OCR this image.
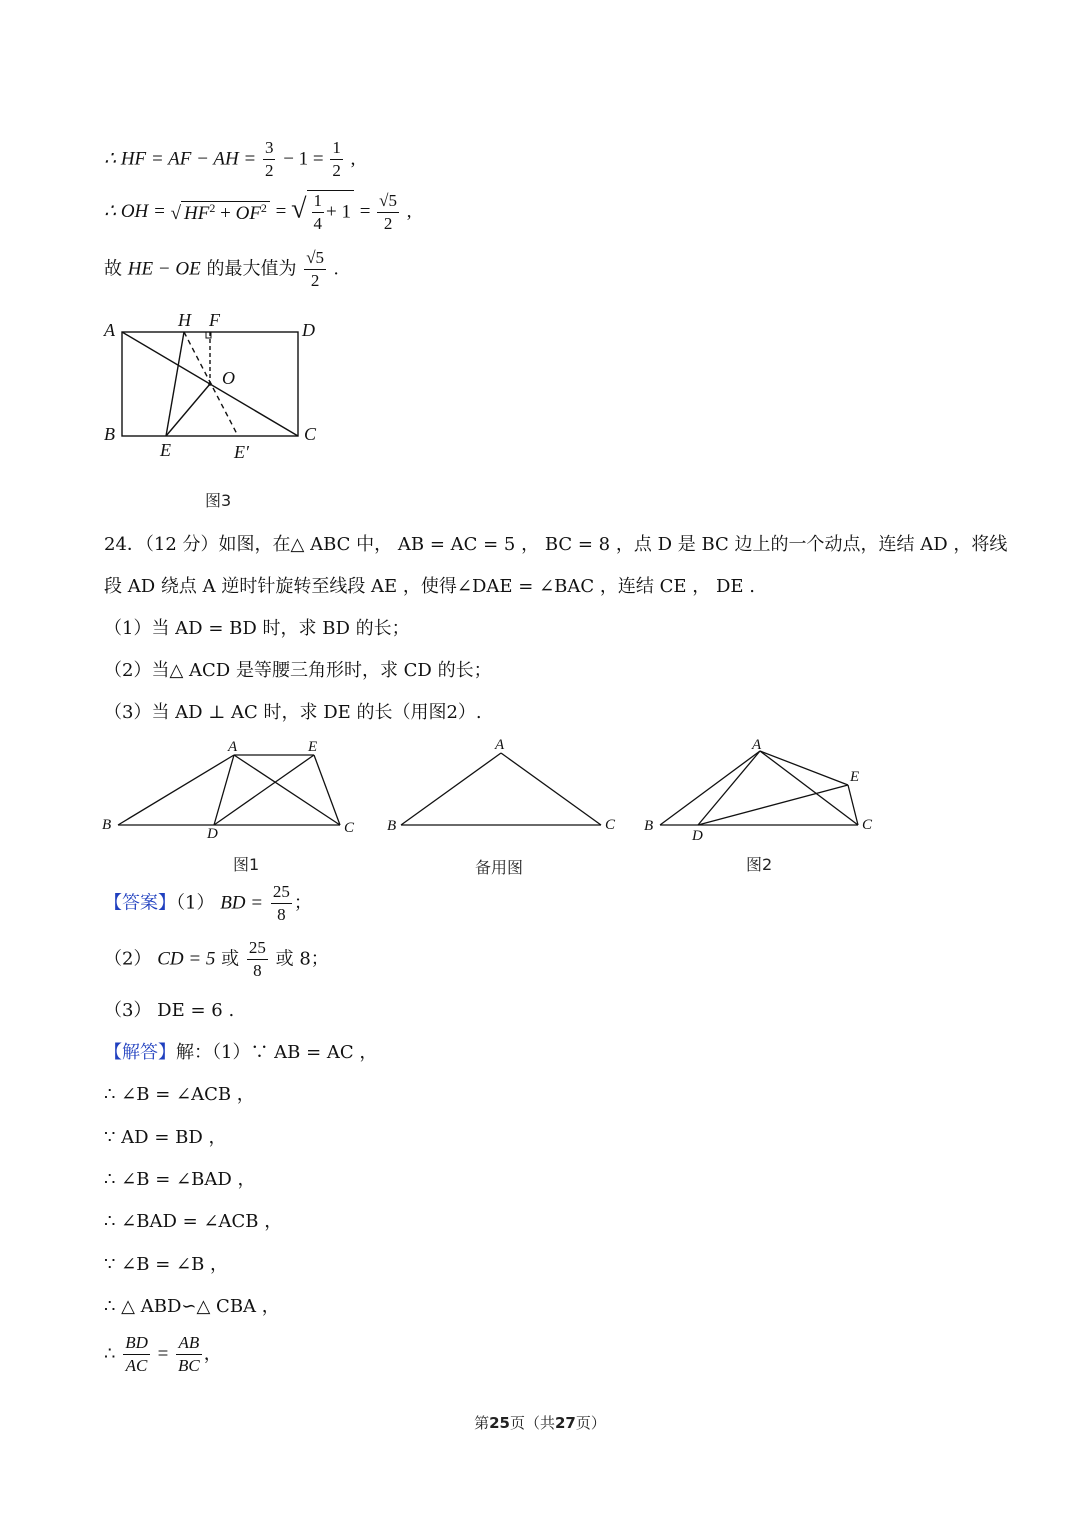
∴ HF = AF − AH = $\frac{3}{2} - 1 = \frac{1}{2}$ ,
∴ OH = √ $HF^2 + OF^2$ = √ $\frac{1}{4} + 1 = \frac{√5}{2}$ ,
故 HE − OE 的最大值为 $\frac{√5}{2}$ .
A	H F	D
O
B
E	E′
C
图3
24．（12 分）如图，在△ ABC 中， AB = AC = 5 ， BC = 8 ，点 D 是 BC 边上的一个动点，连结 AD ，将线
段 AD 绕点 A 逆时针旋转至线段 AE ，使得∠DAE = ∠BAC ，连结 CE ， DE .
（1）当 AD = BD 时，求 BD 的长；
（2）当△ ACD 是等腰三角形时，求 CD 的长；
（3）当 AD ⊥ AC 时，求 DE 的长（用图2）.
A	E
B
D	C
图1
A
B	C
备用图
A
E
B
D
C
图2
【答案】（1） BD = $\frac{25}{8}$ ；
（2） CD = 5 或 $\frac{25}{8}$ 或 8；
（3） DE = 6 .
【解答】解：（1）∵ AB = AC ，
∴ ∠B = ∠ACB ，
∵ AD = BD ，
∴ ∠B = ∠BAD ，
∴ ∠BAD = ∠ACB ，
∵ ∠B = ∠B ，
∴ △ ABD∽△ CBA ，
∴ $\frac{BD}{AC} = \frac{AB}{BC}$ ，
第25页（共27页）
